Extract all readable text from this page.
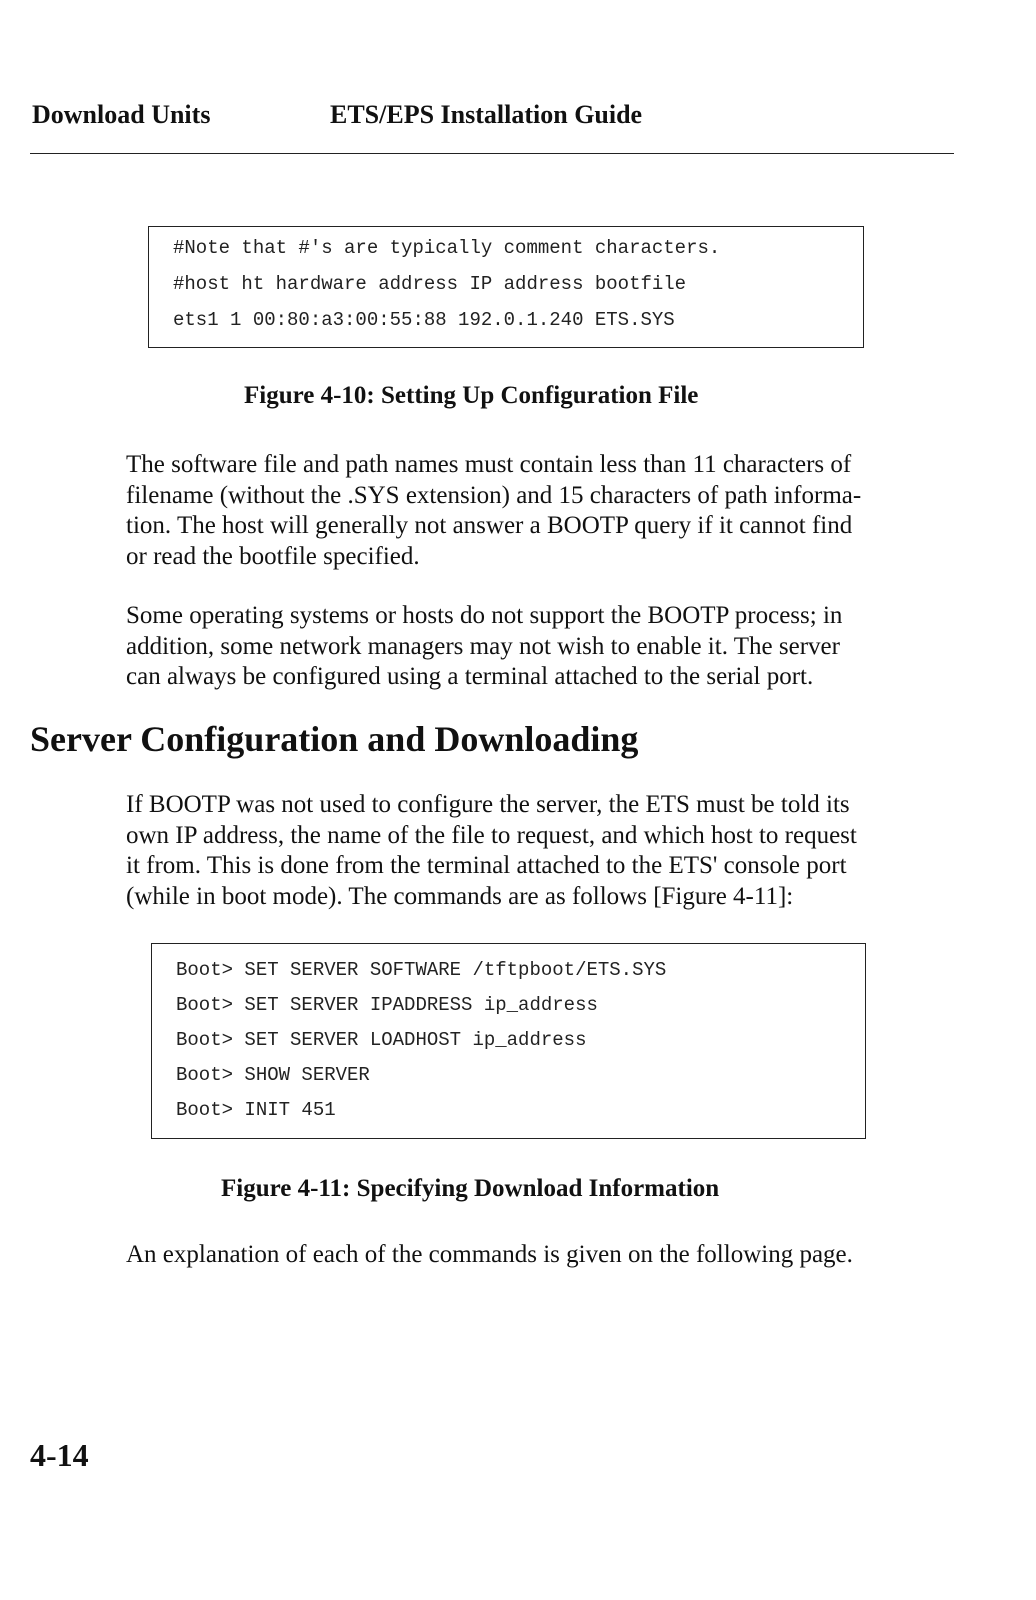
Download Units	ETS/EPS Installation Guide
#Note that #'s are typically comment characters.
#host ht hardware address IP address bootfile
ets1 1 00:80:a3:00:55:88 192.0.1.240 ETS.SYS
Figure 4-10: Setting Up Configuration File
The software file and path names must contain less than 11 characters of
filename (without the .SYS extension) and 15 characters of path informa-
tion. The host will generally not answer a BOOTP query if it cannot find
or read the bootfile specified.
Some operating systems or hosts do not support the BOOTP process; in
addition, some network managers may not wish to enable it. The server
can always be configured using a terminal attached to the serial port.
Server Configuration and Downloading
If BOOTP was not used to configure the server, the ETS must be told its
own IP address, the name of the file to request, and which host to request
it from. This is done from the terminal attached to the ETS' console port
(while in boot mode). The commands are as follows [Figure 4-11]:
Boot> SET SERVER SOFTWARE /tftpboot/ETS.SYS
Boot> SET SERVER IPADDRESS ip_address
Boot> SET SERVER LOADHOST ip_address
Boot> SHOW SERVER
Boot> INIT 451
Figure 4-11: Specifying Download Information
An explanation of each of the commands is given on the following page.
4-14
